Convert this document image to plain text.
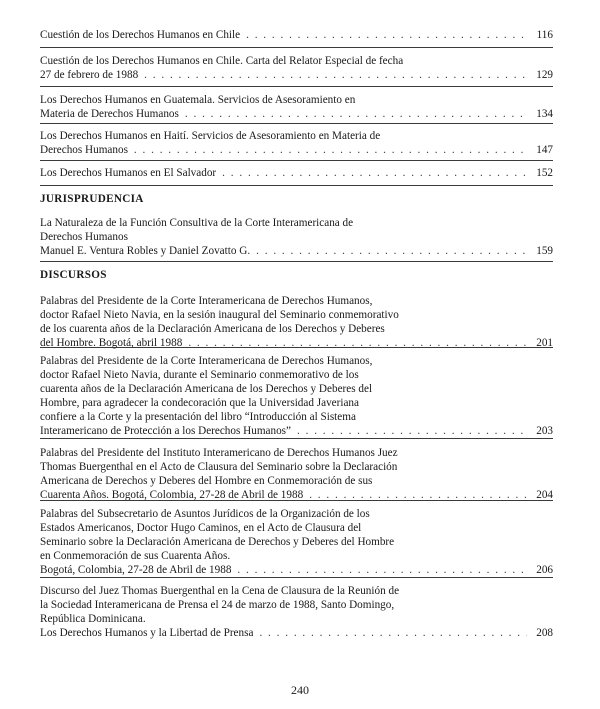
Cuestión de los Derechos Humanos en Chile . . .	116
Cuestión de los Derechos Humanos en Chile. Carta del Relator Especial de fecha
27 de febrero de 1988 . . .	129
Los Derechos Humanos en Guatemala. Servicios de Asesoramiento en
Materia de Derechos Humanos . . .	134
Los Derechos Humanos en Haití. Servicios de Asesoramiento en Materia de
Derechos Humanos . . .	147
Los Derechos Humanos en El Salvador . . .	152
JURISPRUDENCIA
La Naturaleza de la Función Consultiva de la Corte Interamericana de
Derechos Humanos
Manuel E. Ventura Robles y Daniel Zovatto G. . . .	159
DISCURSOS
Palabras del Presidente de la Corte Interamericana de Derechos Humanos,
doctor Rafael Nieto Navia, en la sesión inaugural del Seminario conmemorativo
de los cuarenta años de la Declaración Americana de los Derechos y Deberes
del Hombre. Bogotá, abril 1988 . . .	201
Palabras del Presidente de la Corte Interamericana de Derechos Humanos,
doctor Rafael Nieto Navia, durante el Seminario conmemorativo de los
cuarenta años de la Declaración Americana de los Derechos y Deberes del
Hombre, para agradecer la condecoración que la Universidad Javeriana
confiere a la Corte y la presentación del libro “Introducción al Sistema
Interamericano de Protección a los Derechos Humanos” . . .	203
Palabras del Presidente del Instituto Interamericano de Derechos Humanos Juez
Thomas Buergenthal en el Acto de Clausura del Seminario sobre la Declaración
Americana de Derechos y Deberes del Hombre en Conmemoración de sus
Cuarenta Años. Bogotá, Colombia, 27-28 de Abril de 1988 . . .	204
Palabras del Subsecretario de Asuntos Jurídicos de la Organización de los
Estados Americanos, Doctor Hugo Caminos, en el Acto de Clausura del
Seminario sobre la Declaración Americana de Derechos y Deberes del Hombre
en Conmemoración de sus Cuarenta Años.
Bogotá, Colombia, 27-28 de Abril de 1988 . . .	206
Discurso del Juez Thomas Buergenthal en la Cena de Clausura de la Reunión de
la Sociedad Interamericana de Prensa el 24 de marzo de 1988, Santo Domingo,
República Dominicana.
Los Derechos Humanos y la Libertad de Prensa . . .	208
240
